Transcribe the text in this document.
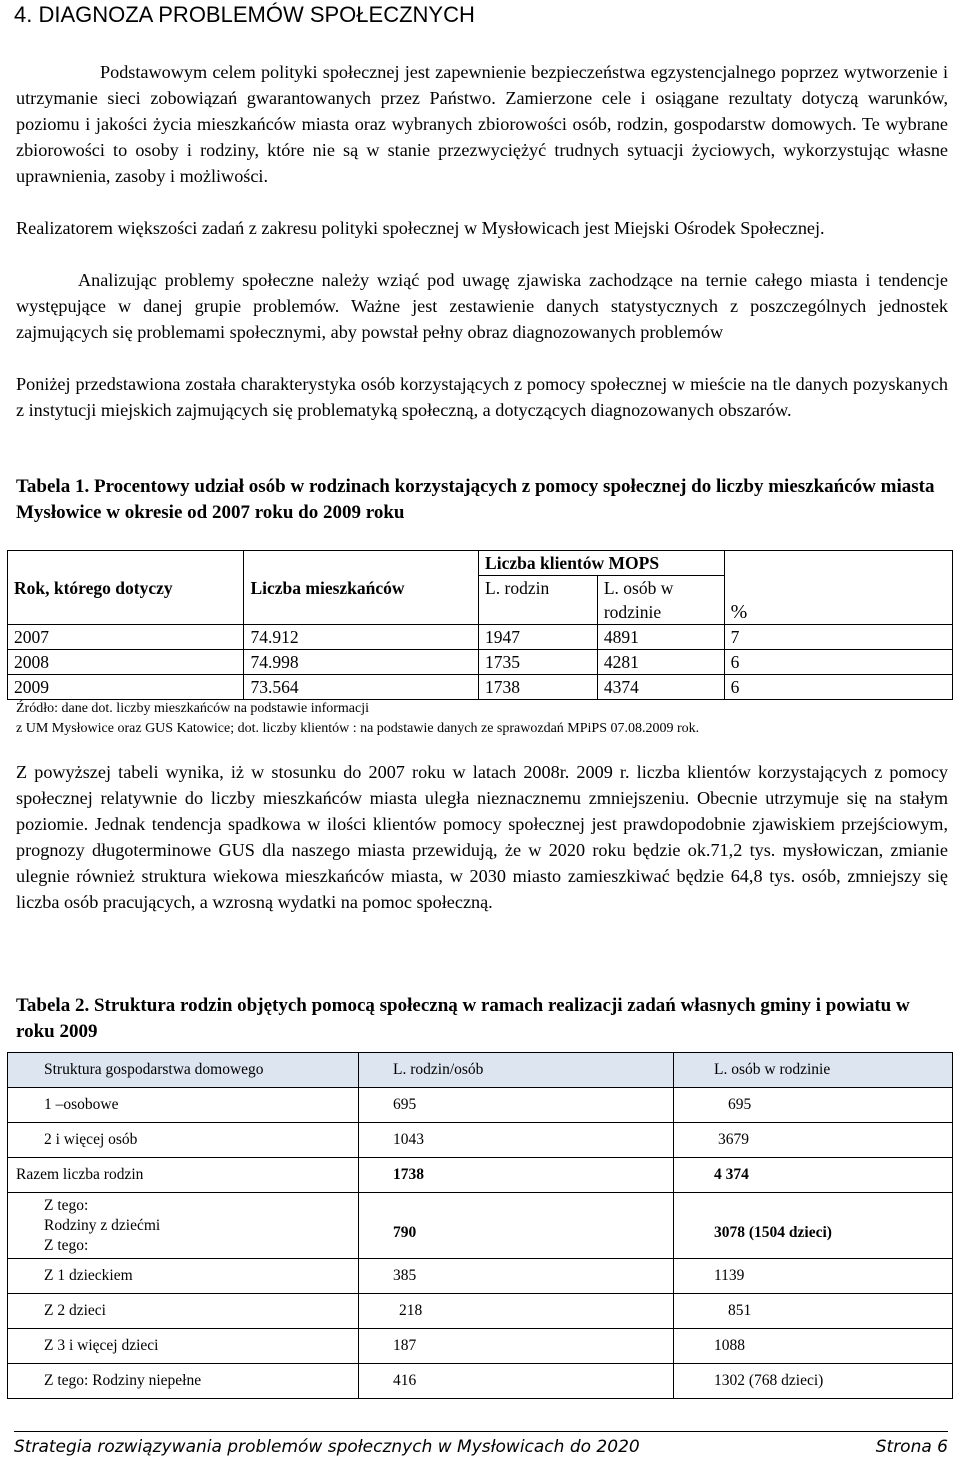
4. DIAGNOZA PROBLEMÓW SPOŁECZNYCH
Podstawowym celem polityki społecznej jest zapewnienie bezpieczeństwa egzystencjalnego poprzez wytworzenie i utrzymanie sieci zobowiązań gwarantowanych przez Państwo. Zamierzone cele i osiągane rezultaty dotyczą warunków, poziomu i jakości życia mieszkańców miasta oraz wybranych zbiorowości osób, rodzin, gospodarstw domowych. Te wybrane zbiorowości to osoby i rodziny, które nie są w stanie przezwyciężyć trudnych sytuacji życiowych, wykorzystując własne uprawnienia, zasoby i możliwości.
Realizatorem większości zadań z zakresu polityki społecznej w Mysłowicach jest Miejski Ośrodek Społecznej.
Analizując problemy społeczne należy wziąć pod uwagę zjawiska zachodzące na ternie całego miasta i tendencje występujące w danej grupie problemów. Ważne jest zestawienie danych statystycznych z poszczególnych jednostek zajmujących się problemami społecznymi, aby powstał pełny obraz diagnozowanych problemów
Poniżej przedstawiona została charakterystyka osób korzystających z pomocy społecznej w mieście na tle danych pozyskanych z instytucji miejskich zajmujących się problematyką społeczną, a dotyczących diagnozowanych obszarów.
Tabela 1. Procentowy udział osób w rodzinach korzystających z pomocy społecznej do liczby mieszkańców miasta Mysłowice w okresie od 2007 roku do 2009 roku
Rok, którego dotyczy	Liczba mieszkańców	Liczba klientów MOPS		%
		L. rodzin	L. osób w rodzinie	

2007	74.912	1947	4891	7
2008	74.998	1735	4281	6
2009	73.564	1738	4374	6
Źródło: dane dot. liczby mieszkańców na podstawie informacji
z UM Mysłowice oraz GUS Katowice; dot. liczby klientów : na podstawie danych ze sprawozdań MPiPS 07.08.2009 rok.
Z powyższej tabeli wynika, iż w stosunku do 2007 roku w latach 2008r. 2009 r. liczba klientów korzystających z pomocy społecznej relatywnie do liczby mieszkańców miasta uległa nieznacznemu zmniejszeniu. Obecnie utrzymuje się na stałym poziomie. Jednak tendencja spadkowa w ilości klientów pomocy społecznej jest prawdopodobnie zjawiskiem przejściowym, prognozy długoterminowe GUS dla naszego miasta przewidują, że w 2020 roku będzie ok.71,2 tys. mysłowiczan, zmianie ulegnie również struktura wiekowa mieszkańców miasta, w 2030 miasto zamieszkiwać będzie 64,8 tys. osób, zmniejszy się liczba osób pracujących, a wzrosną wydatki na pomoc społeczną.
Tabela 2. Struktura rodzin objętych pomocą społeczną w ramach realizacji zadań własnych gminy i powiatu w roku 2009
Struktura gospodarstwa domowego	L. rodzin/osób	L. osób w rodzinie
1 –osobowe	695	695
2 i więcej osób	1043	3679
Razem liczba rodzin	1738	4 374

Z tego:
Rodziny z dziećmi
Z tego:	790	3078 (1504 dzieci)
Z 1 dzieckiem	385	1139
Z 2 dzieci	218	851
Z 3 i więcej dzieci	187	1088
Z tego: Rodziny niepełne	416	1302 (768 dzieci)
Strategia rozwiązywania problemów społecznych w Mysłowicach do 2020	Strona 6
